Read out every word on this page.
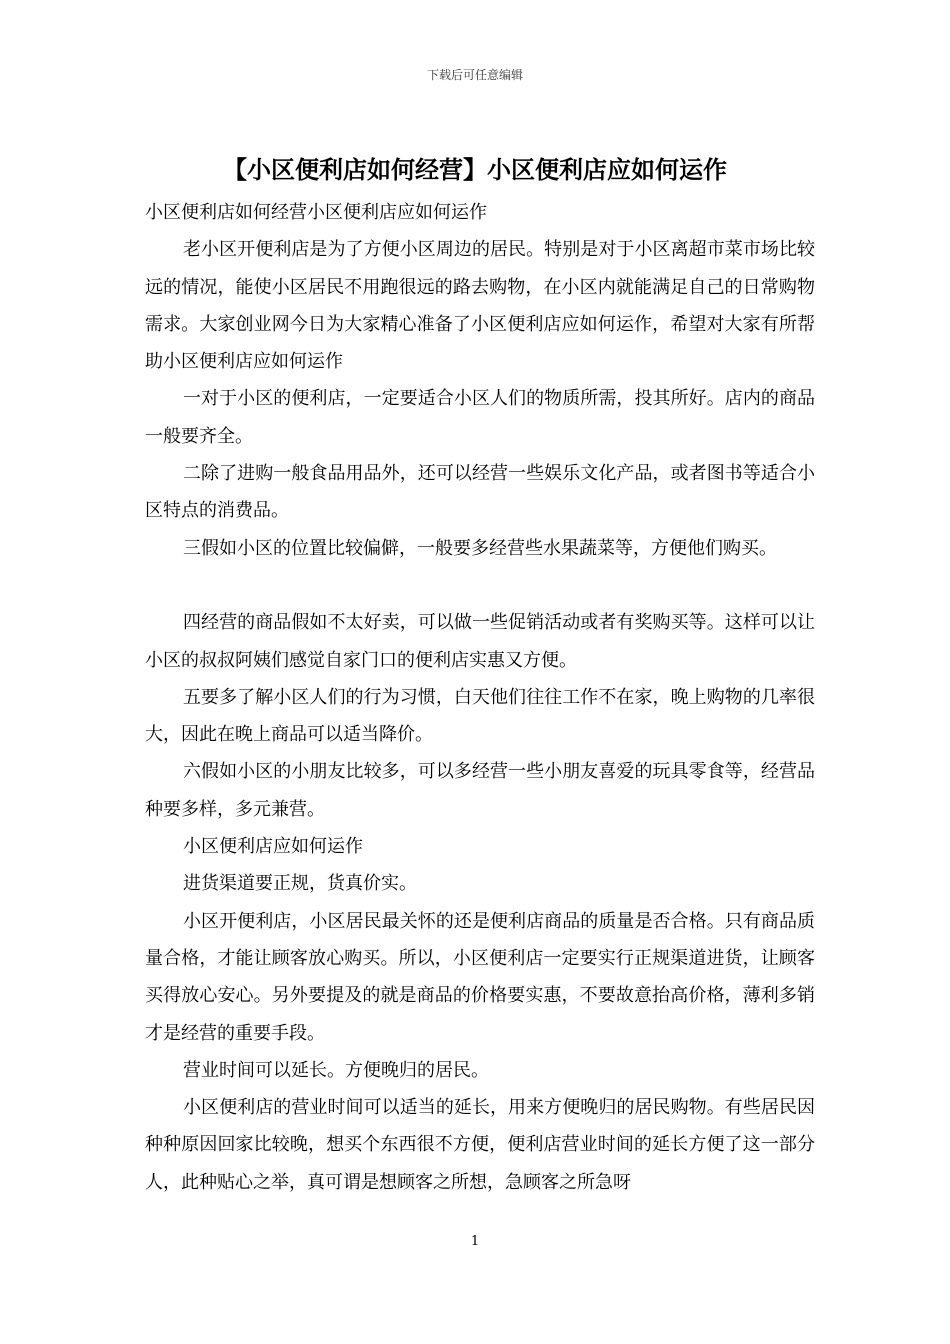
下载后可任意编辑
【小区便利店如何经营】小区便利店应如何运作

小区便利店如何经营小区便利店应如何运作

老小区开便利店是为了方便小区周边的居民。特别是对于小区离超市菜市场比较远的情况，能使小区居民不用跑很远的路去购物，在小区内就能满足自己的日常购物需求。大家创业网今日为大家精心准备了小区便利店应如何运作，希望对大家有所帮助小区便利店应如何运作

一对于小区的便利店，一定要适合小区人们的物质所需，投其所好。店内的商品一般要齐全。

二除了进购一般食品用品外，还可以经营一些娱乐文化产品，或者图书等适合小区特点的消费品。

三假如小区的位置比较偏僻，一般要多经营些水果蔬菜等，方便他们购买。

四经营的商品假如不太好卖，可以做一些促销活动或者有奖购买等。这样可以让小区的叔叔阿姨们感觉自家门口的便利店实惠又方便。

五要多了解小区人们的行为习惯，白天他们往往工作不在家，晚上购物的几率很大，因此在晚上商品可以适当降价。

六假如小区的小朋友比较多，可以多经营一些小朋友喜爱的玩具零食等，经营品种要多样，多元兼营。

小区便利店应如何运作

进货渠道要正规，货真价实。

小区开便利店，小区居民最关怀的还是便利店商品的质量是否合格。只有商品质量合格，才能让顾客放心购买。所以，小区便利店一定要实行正规渠道进货，让顾客买得放心安心。另外要提及的就是商品的价格要实惠，不要故意抬高价格，薄利多销才是经营的重要手段。

营业时间可以延长。方便晚归的居民。

小区便利店的营业时间可以适当的延长，用来方便晚归的居民购物。有些居民因种种原因回家比较晚，想买个东西很不方便，便利店营业时间的延长方便了这一部分人，此种贴心之举，真可谓是想顾客之所想，急顾客之所急呀

1
